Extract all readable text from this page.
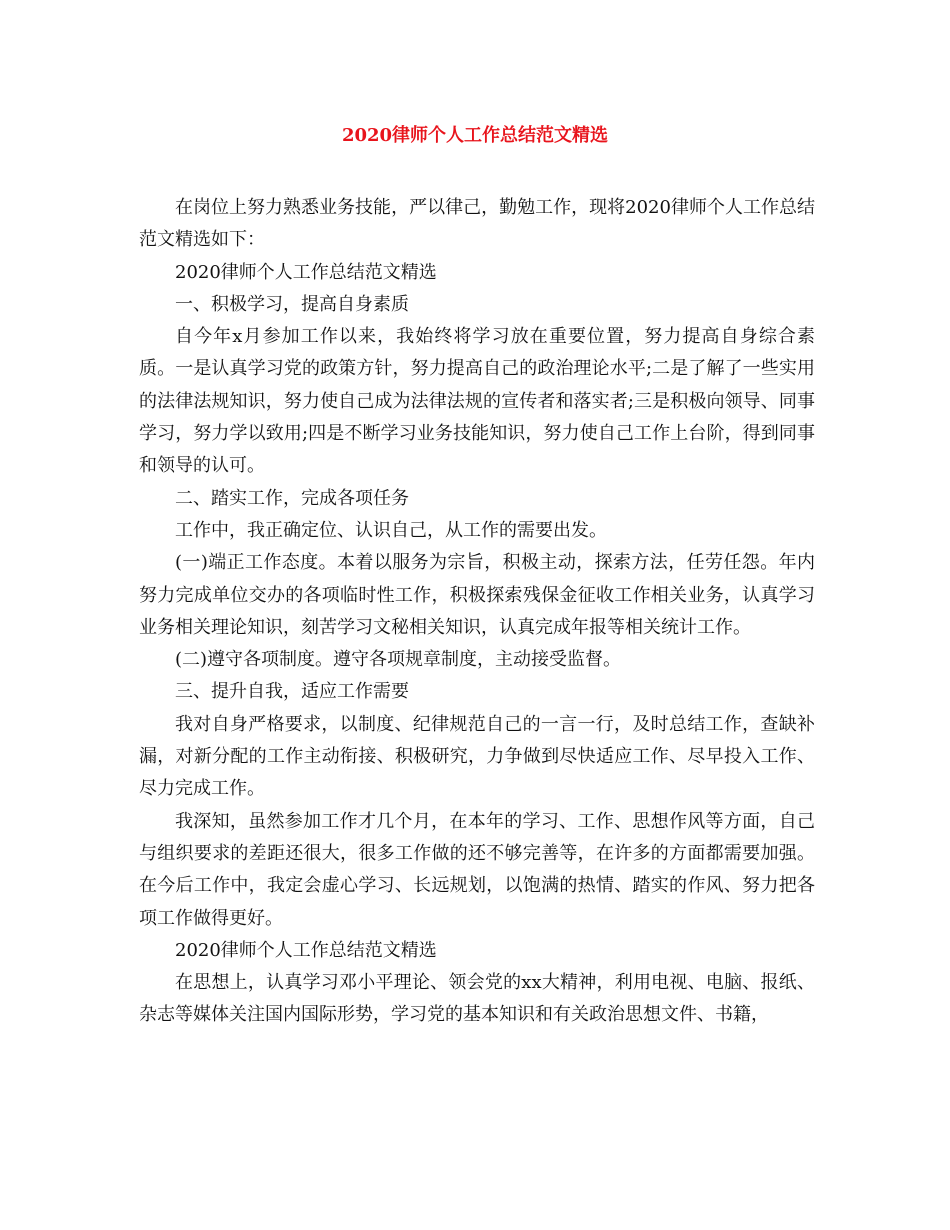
2020律师个人工作总结范文精选

在岗位上努力熟悉业务技能，严以律己，勤勉工作，现将2020律师个人工作总结范文精选如下：

2020律师个人工作总结范文精选

一、积极学习，提高自身素质

自今年x月参加工作以来，我始终将学习放在重要位置，努力提高自身综合素质。一是认真学习党的政策方针，努力提高自己的政治理论水平;二是了解了一些实用的法律法规知识，努力使自己成为法律法规的宣传者和落实者;三是积极向领导、同事学习，努力学以致用;四是不断学习业务技能知识，努力使自己工作上台阶，得到同事和领导的认可。

二、踏实工作，完成各项任务

工作中，我正确定位、认识自己，从工作的需要出发。

(一)端正工作态度。本着以服务为宗旨，积极主动，探索方法，任劳任怨。年内努力完成单位交办的各项临时性工作，积极探索残保金征收工作相关业务，认真学习业务相关理论知识，刻苦学习文秘相关知识，认真完成年报等相关统计工作。

(二)遵守各项制度。遵守各项规章制度，主动接受监督。

三、提升自我，适应工作需要

我对自身严格要求，以制度、纪律规范自己的一言一行，及时总结工作，查缺补漏，对新分配的工作主动衔接、积极研究，力争做到尽快适应工作、尽早投入工作、尽力完成工作。

我深知，虽然参加工作才几个月，在本年的学习、工作、思想作风等方面，自己与组织要求的差距还很大，很多工作做的还不够完善等，在许多的方面都需要加强。在今后工作中，我定会虚心学习、长远规划，以饱满的热情、踏实的作风、努力把各项工作做得更好。

2020律师个人工作总结范文精选

在思想上，认真学习邓小平理论、领会党的xx大精神，利用电视、电脑、报纸、杂志等媒体关注国内国际形势，学习党的基本知识和有关政治思想文件、书籍，
